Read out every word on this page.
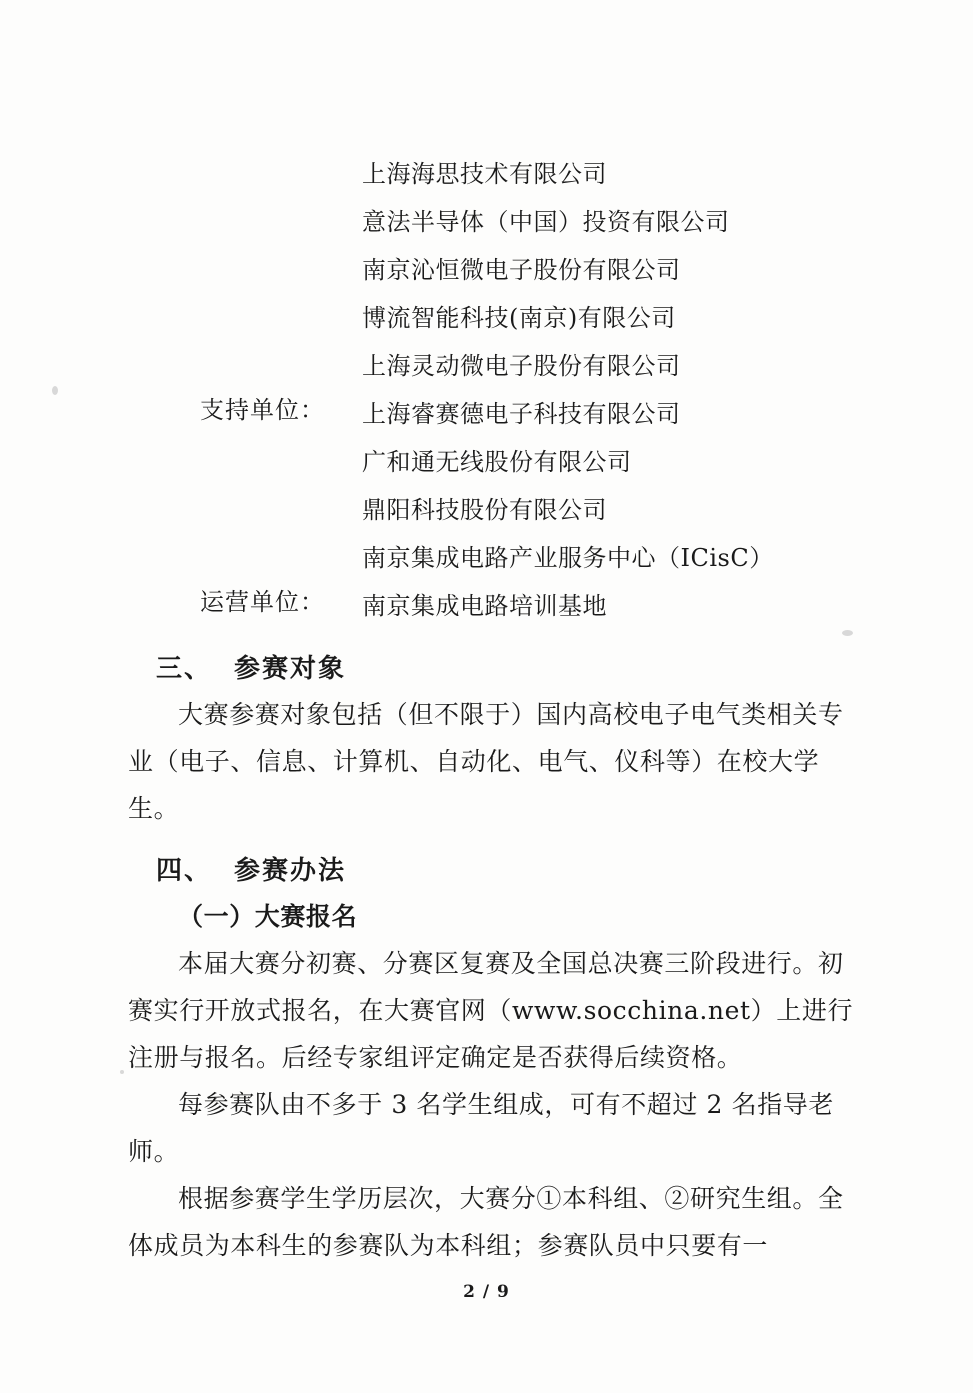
支持单位：
运营单位：
上海海思技术有限公司
意法半导体（中国）投资有限公司
南京沁恒微电子股份有限公司
博流智能科技(南京)有限公司
上海灵动微电子股份有限公司
上海睿赛德电子科技有限公司
广和通无线股份有限公司
鼎阳科技股份有限公司
南京集成电路产业服务中心（ICisC）
南京集成电路培训基地
三、 参赛对象

大赛参赛对象包括（但不限于）国内高校电子电气类相关专业（电子、信息、计算机、自动化、电气、仪科等）在校大学生。

四、 参赛办法

（一）大赛报名

本届大赛分初赛、分赛区复赛及全国总决赛三阶段进行。初赛实行开放式报名，在大赛官网（www.socchina.net）上进行注册与报名。后经专家组评定确定是否获得后续资格。

每参赛队由不多于 3 名学生组成，可有不超过 2 名指导老师。

根据参赛学生学历层次，大赛分①本科组、②研究生组。全体成员为本科生的参赛队为本科组；参赛队员中只要有一

2 / 9
